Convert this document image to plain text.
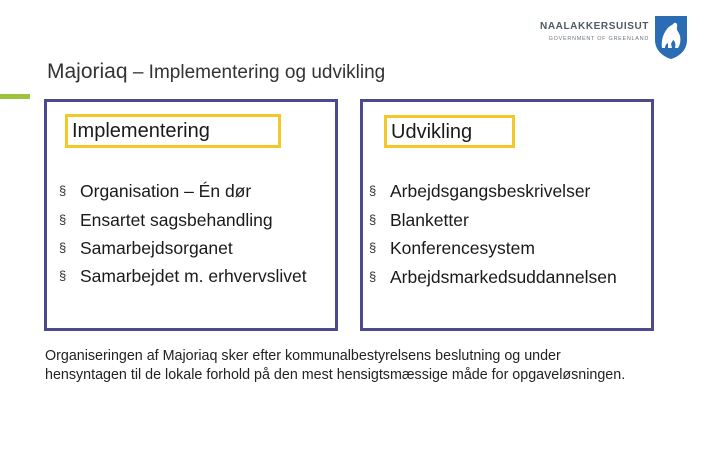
NAALAKKERSUISUT
GOVERNMENT OF GREENLAND
Majoriaq – Implementering og udvikling
Implementering
§ Organisation – Én dør
§ Ensartet sagsbehandling
§ Samarbejdsorganet
§ Samarbejdet m. erhvervslivet
Udvikling
§ Arbejdsgangsbeskrivelser
§ Blanketter
§ Konferencesystem
§ Arbejdsmarkedsuddannelsen

Organiseringen af Majoriaq sker efter kommunalbestyrelsens beslutning og under hensyntagen til de lokale forhold på den mest hensigtsmæssige måde for opgaveløsningen.
